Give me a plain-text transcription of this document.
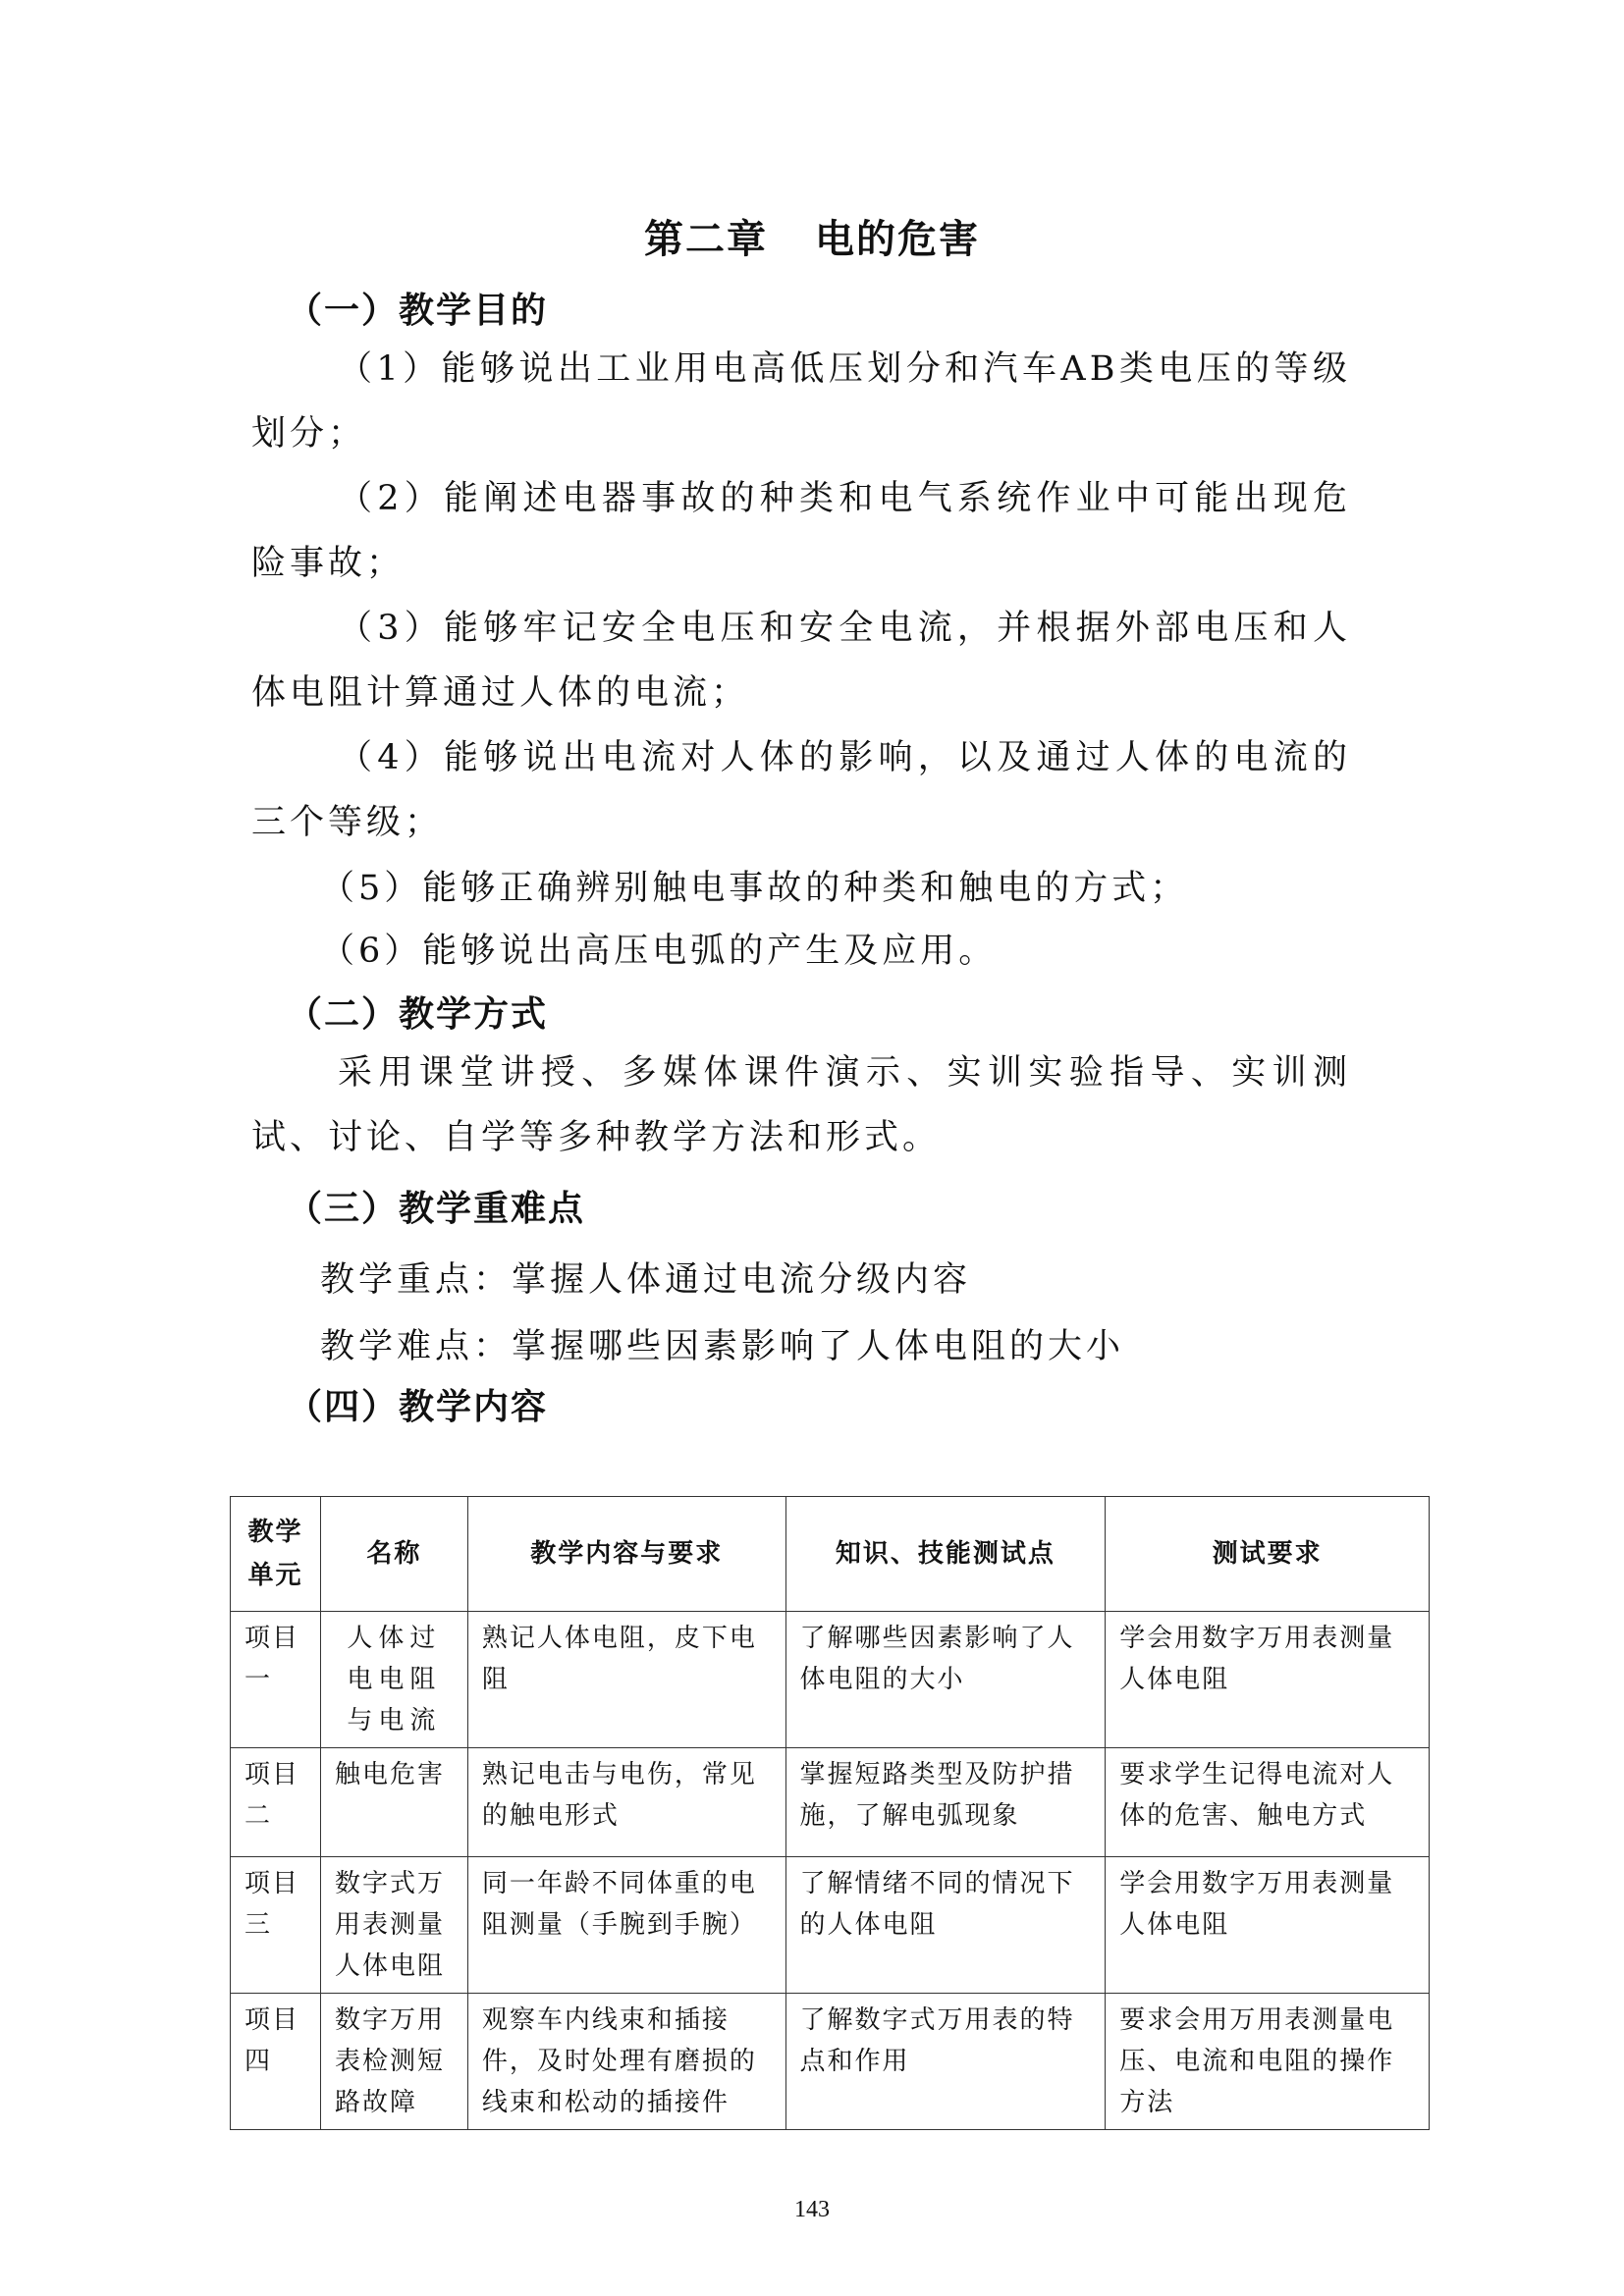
第二章 电的危害
（一）教学目的
（1）能够说出工业用电高低压划分和汽车AB类电压的等级划分；
（2）能阐述电器事故的种类和电气系统作业中可能出现危险事故；
（3）能够牢记安全电压和安全电流，并根据外部电压和人体电阻计算通过人体的电流；
（4）能够说出电流对人体的影响，以及通过人体的电流的三个等级；
（5）能够正确辨别触电事故的种类和触电的方式；
（6）能够说出高压电弧的产生及应用。
（二）教学方式
采用课堂讲授、多媒体课件演示、实训实验指导、实训测试、讨论、自学等多种教学方法和形式。
（三）教学重难点
教学重点：掌握人体通过电流分级内容
教学难点：掌握哪些因素影响了人体电阻的大小
（四）教学内容
教学单元	名称	教学内容与要求	知识、技能测试点	测试要求
项目一	人体过电电阻与电流	熟记人体电阻，皮下电阻	了解哪些因素影响了人体电阻的大小	学会用数字万用表测量人体电阻
项目二	触电危害	熟记电击与电伤，常见的触电形式	掌握短路类型及防护措施，了解电弧现象	要求学生记得电流对人体的危害、触电方式
项目三	数字式万用表测量人体电阻	同一年龄不同体重的电阻测量（手腕到手腕）	了解情绪不同的情况下的人体电阻	学会用数字万用表测量人体电阻
项目四	数字万用表检测短路故障	观察车内线束和插接件，及时处理有磨损的线束和松动的插接件	了解数字式万用表的特点和作用	要求会用万用表测量电压、电流和电阻的操作方法
143
